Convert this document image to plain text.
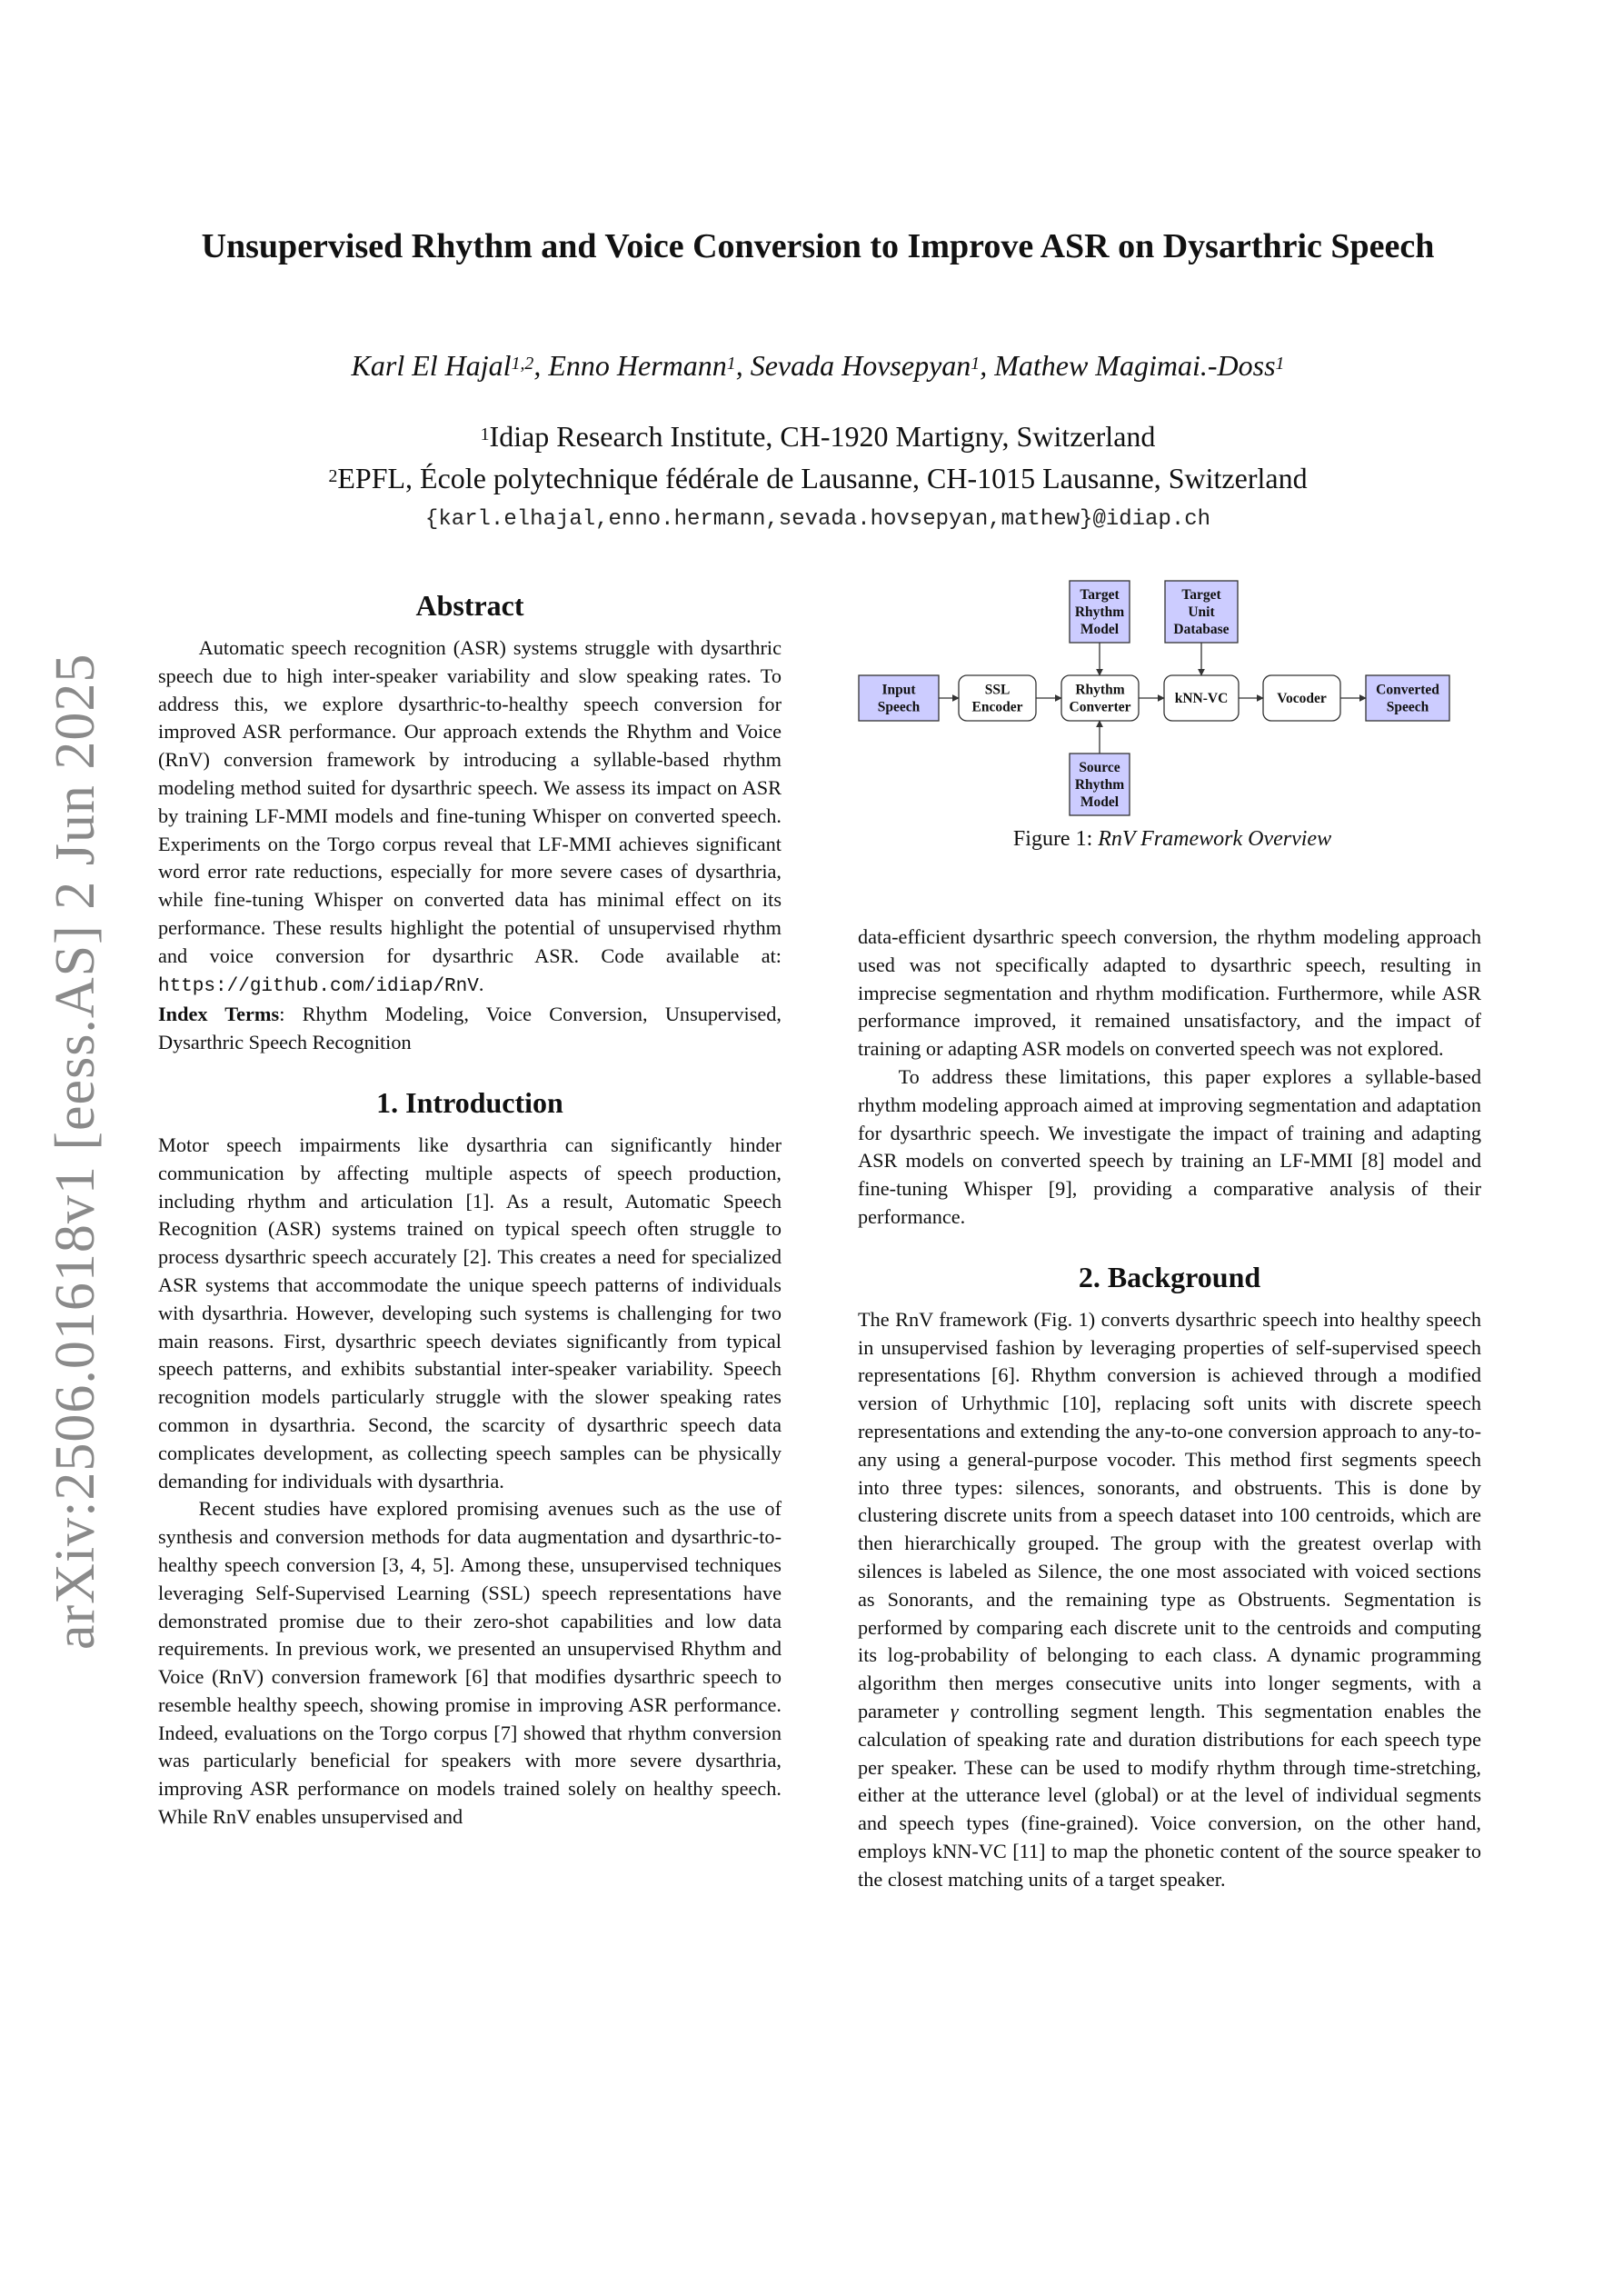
arXiv:2506.01618v1 [eess.AS] 2 Jun 2025
Unsupervised Rhythm and Voice Conversion to Improve ASR on Dysarthric Speech
Karl El Hajal$^{1,2}$, Enno Hermann$^1$, Sevada Hovsepyan$^1$, Mathew Magimai.-Doss$^1$
$^1$Idiap Research Institute, CH-1920 Martigny, Switzerland
$^2$EPFL, École polytechnique fédérale de Lausanne, CH-1015 Lausanne, Switzerland
{karl.elhajal,enno.hermann,sevada.hovsepyan,mathew}@idiap.ch
Abstract

Automatic speech recognition (ASR) systems struggle with dysarthric speech due to high inter-speaker variability and slow speaking rates. To address this, we explore dysarthric-to-healthy speech conversion for improved ASR performance. Our approach extends the Rhythm and Voice (RnV) conversion framework by introducing a syllable-based rhythm modeling method suited for dysarthric speech. We assess its impact on ASR by training LF-MMI models and fine-tuning Whisper on converted speech. Experiments on the Torgo corpus reveal that LF-MMI achieves significant word error rate reductions, especially for more severe cases of dysarthria, while fine-tuning Whisper on converted data has minimal effect on its performance. These results highlight the potential of unsupervised rhythm and voice conversion for dysarthric ASR. Code available at: https://github.com/idiap/RnV.

Index Terms: Rhythm Modeling, Voice Conversion, Unsupervised, Dysarthric Speech Recognition

1. Introduction

Motor speech impairments like dysarthria can significantly hinder communication by affecting multiple aspects of speech production, including rhythm and articulation [1]. As a result, Automatic Speech Recognition (ASR) systems trained on typical speech often struggle to process dysarthric speech accurately [2]. This creates a need for specialized ASR systems that accommodate the unique speech patterns of individuals with dysarthria. However, developing such systems is challenging for two main reasons. First, dysarthric speech deviates significantly from typical speech patterns, and exhibits substantial inter-speaker variability. Speech recognition models particularly struggle with the slower speaking rates common in dysarthria. Second, the scarcity of dysarthric speech data complicates development, as collecting speech samples can be physically demanding for individuals with dysarthria.

Recent studies have explored promising avenues such as the use of synthesis and conversion methods for data augmentation and dysarthric-to-healthy speech conversion [3, 4, 5]. Among these, unsupervised techniques leveraging Self-Supervised Learning (SSL) speech representations have demonstrated promise due to their zero-shot capabilities and low data requirements. In previous work, we presented an unsupervised Rhythm and Voice (RnV) conversion framework [6] that modifies dysarthric speech to resemble healthy speech, showing promise in improving ASR performance. Indeed, evaluations on the Torgo corpus [7] showed that rhythm conversion was particularly beneficial for speakers with more severe dysarthria, improving ASR performance on models trained solely on healthy speech. While RnV enables unsupervised and

Input
Speech
SSL
Encoder
Rhythm
Converter
kNN-VC	Vocoder
Converted
Speech
Target
Rhythm
Model
Target
Unit
Database
Source
Rhythm
Model
Figure 1: RnV Framework Overview

data-efficient dysarthric speech conversion, the rhythm modeling approach used was not specifically adapted to dysarthric speech, resulting in imprecise segmentation and rhythm modification. Furthermore, while ASR performance improved, it remained unsatisfactory, and the impact of training or adapting ASR models on converted speech was not explored.

To address these limitations, this paper explores a syllable-based rhythm modeling approach aimed at improving segmentation and adaptation for dysarthric speech. We investigate the impact of training and adapting ASR models on converted speech by training an LF-MMI [8] model and fine-tuning Whisper [9], providing a comparative analysis of their performance.

2. Background

The RnV framework (Fig. 1) converts dysarthric speech into healthy speech in unsupervised fashion by leveraging properties of self-supervised speech representations [6]. Rhythm conversion is achieved through a modified version of Urhythmic [10], replacing soft units with discrete speech representations and extending the any-to-one conversion approach to any-to-any using a general-purpose vocoder. This method first segments speech into three types: silences, sonorants, and obstruents. This is done by clustering discrete units from a speech dataset into 100 centroids, which are then hierarchically grouped. The group with the greatest overlap with silences is labeled as Silence, the one most associated with voiced sections as Sonorants, and the remaining type as Obstruents. Segmentation is performed by comparing each discrete unit to the centroids and computing its log-probability of belonging to each class. A dynamic programming algorithm then merges consecutive units into longer segments, with a parameter γ controlling segment length. This segmentation enables the calculation of speaking rate and duration distributions for each speech type per speaker. These can be used to modify rhythm through time-stretching, either at the utterance level (global) or at the level of individual segments and speech types (fine-grained). Voice conversion, on the other hand, employs kNN-VC [11] to map the phonetic content of the source speaker to the closest matching units of a target speaker.
